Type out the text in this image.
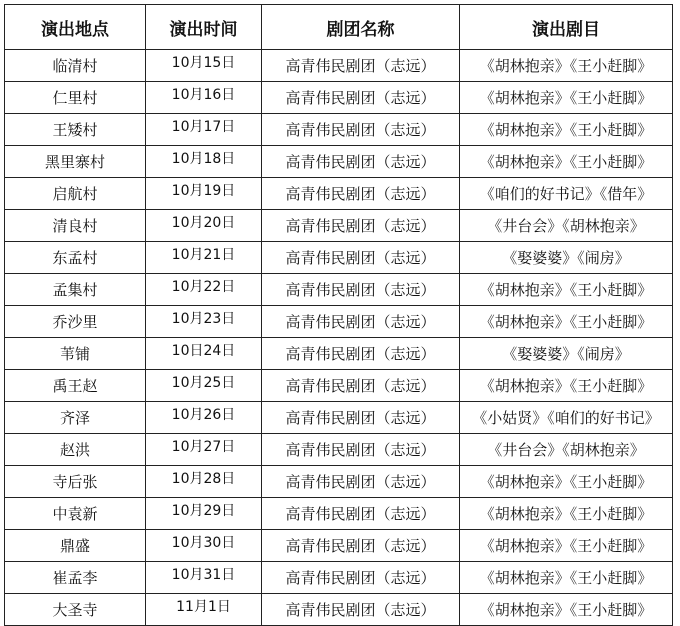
演出地点	演出时间	剧团名称	演出剧目
临清村	10月15日	高青伟民剧团（志远）	《胡林抱亲》《王小赶脚》
仁里村	10月16日	高青伟民剧团（志远）	《胡林抱亲》《王小赶脚》
王矮村	10月17日	高青伟民剧团（志远）	《胡林抱亲》《王小赶脚》
黑里寨村	10月18日	高青伟民剧团（志远）	《胡林抱亲》《王小赶脚》
启航村	10月19日	高青伟民剧团（志远）	《咱们的好书记》《借年》
清良村	10月20日	高青伟民剧团（志远）	《井台会》《胡林抱亲》
东孟村	10月21日	高青伟民剧团（志远）	《娶婆婆》《闹房》
孟集村	10月22日	高青伟民剧团（志远）	《胡林抱亲》《王小赶脚》
乔沙里	10月23日	高青伟民剧团（志远）	《胡林抱亲》《王小赶脚》
苇铺	10日24日	高青伟民剧团（志远）	《娶婆婆》《闹房》
禹王赵	10月25日	高青伟民剧团（志远）	《胡林抱亲》《王小赶脚》
齐泽	10月26日	高青伟民剧团（志远）	《小姑贤》《咱们的好书记》
赵洪	10月27日	高青伟民剧团（志远）	《井台会》《胡林抱亲》
寺后张	10月28日	高青伟民剧团（志远）	《胡林抱亲》《王小赶脚》
中袁新	10月29日	高青伟民剧团（志远）	《胡林抱亲》《王小赶脚》
鼎盛	10月30日	高青伟民剧团（志远）	《胡林抱亲》《王小赶脚》
崔孟李	10月31日	高青伟民剧团（志远）	《胡林抱亲》《王小赶脚》
大圣寺	11月1日	高青伟民剧团（志远）	《胡林抱亲》《王小赶脚》
